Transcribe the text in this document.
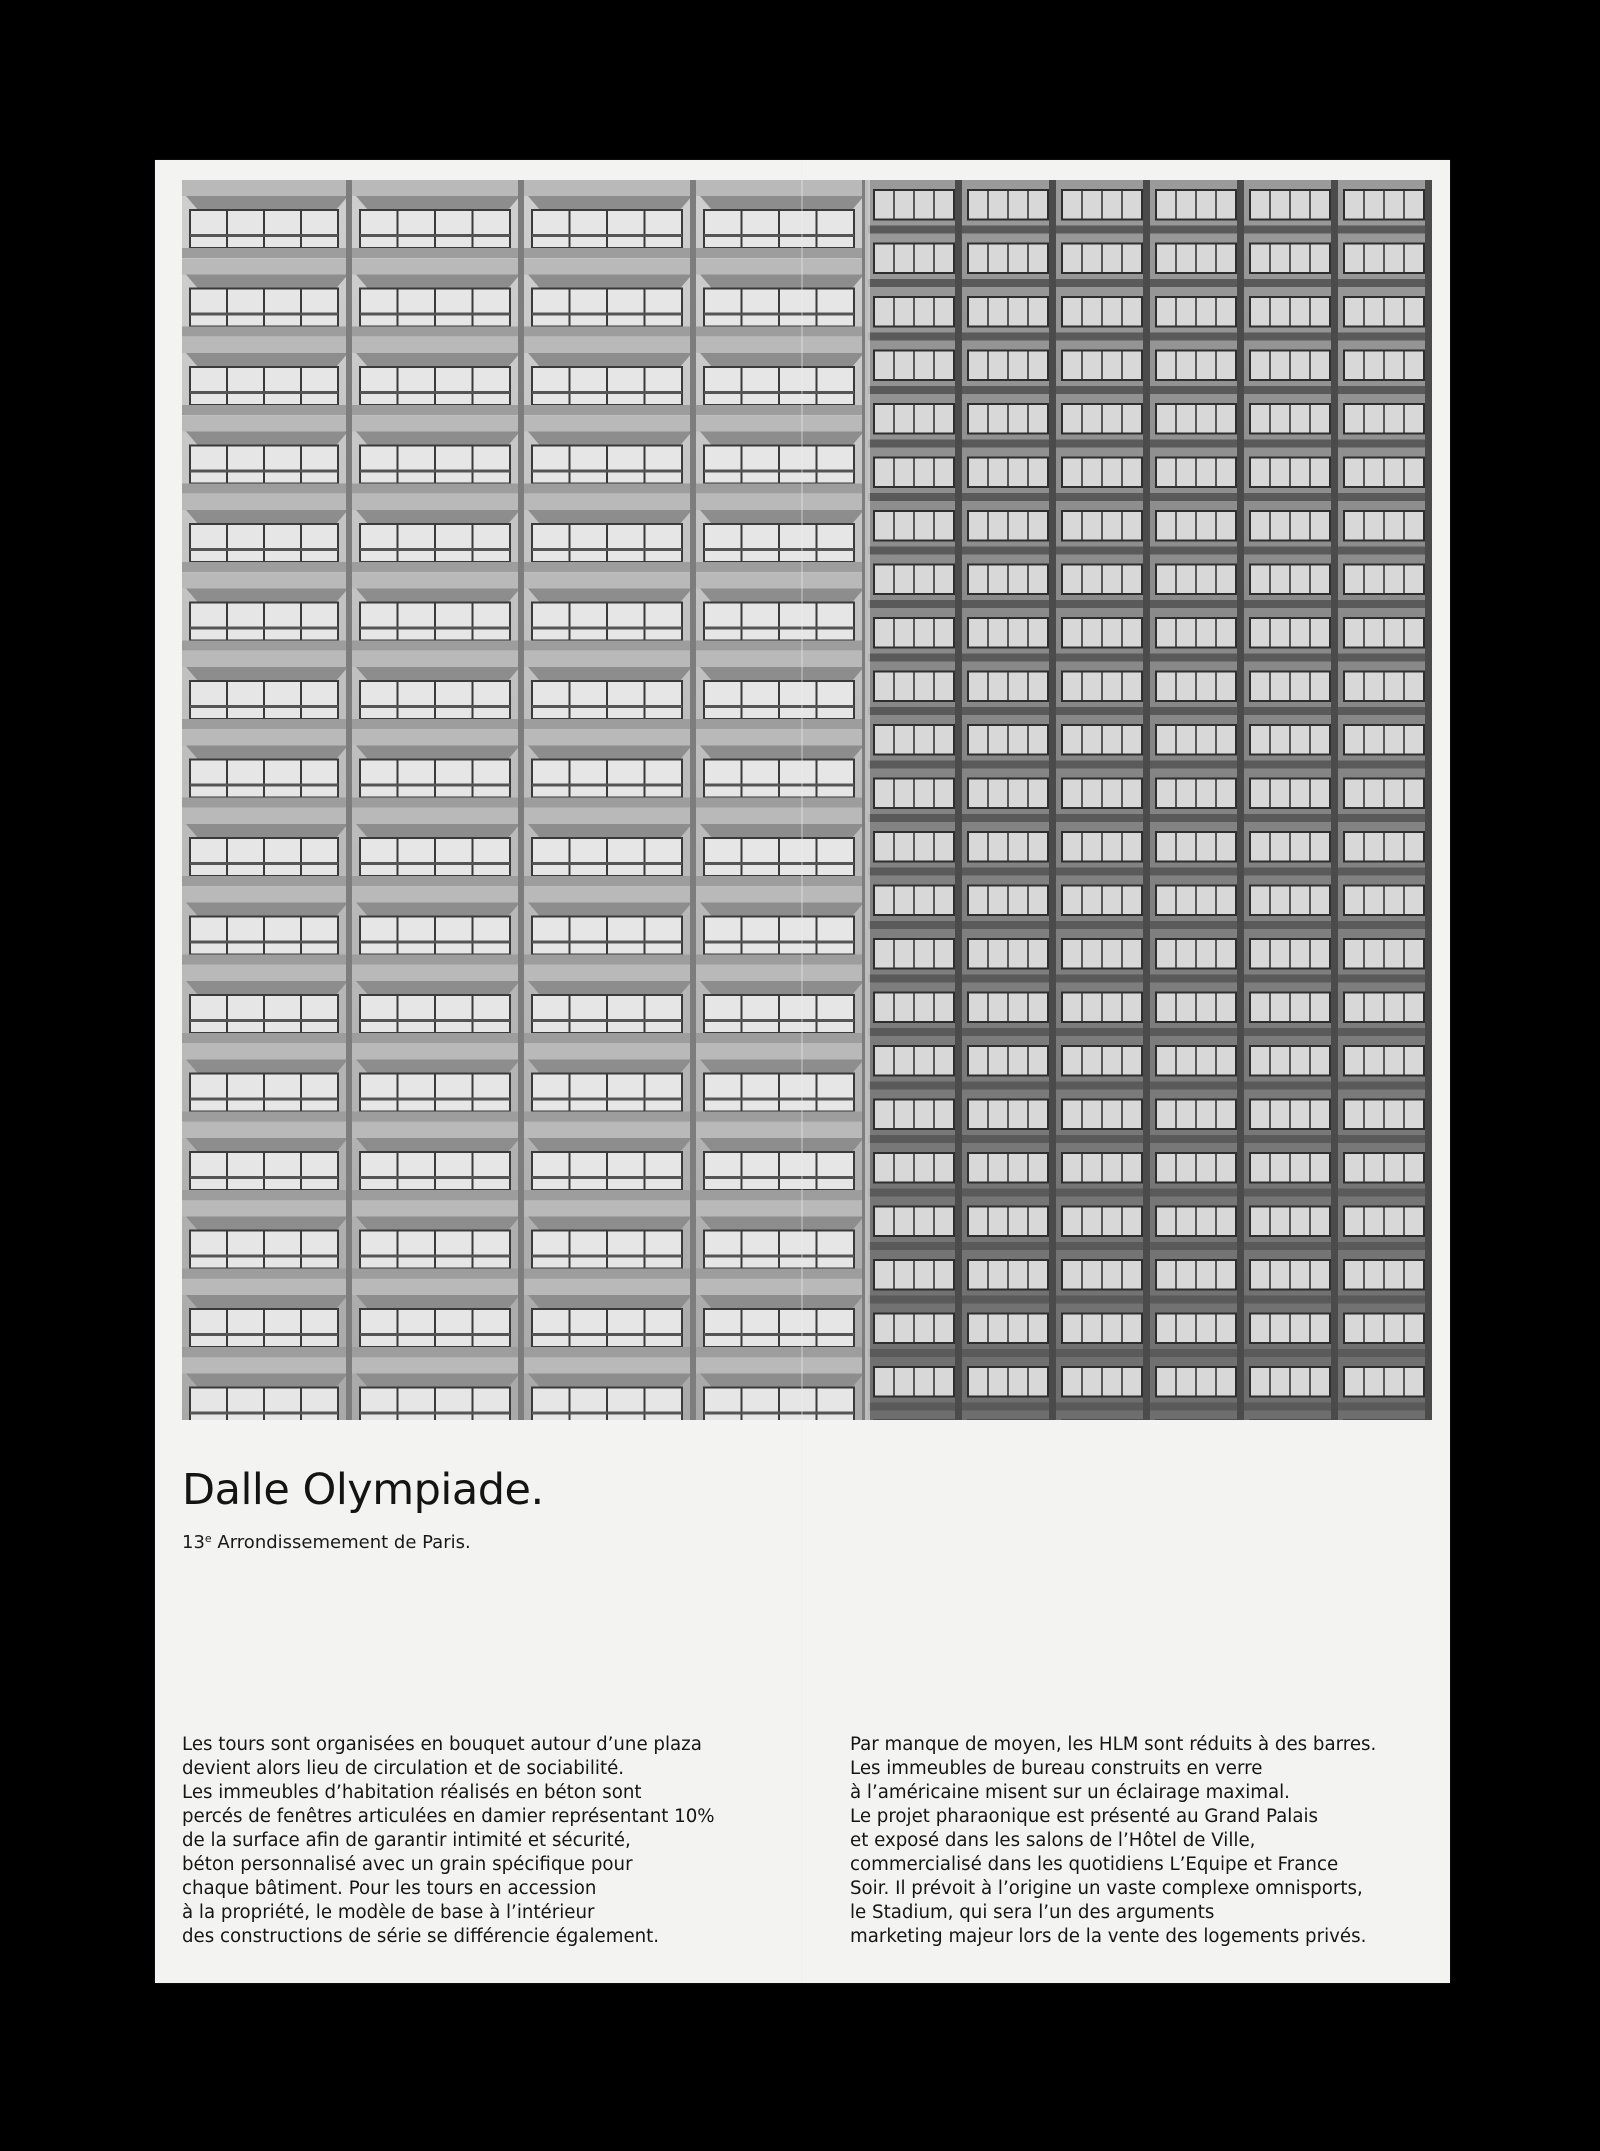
Dalle Olympiade.

13e Arrondissemement de Paris.

Les tours sont organisées en bouquet autour d’une plaza

devient alors lieu de circulation et de sociabilité.

Les immeubles d’habitation réalisés en béton sont

percés de fenêtres articulées en damier représentant 10%

de la surface afin de garantir intimité et sécurité,

béton personnalisé avec un grain spécifique pour

chaque bâtiment. Pour les tours en accession

à la propriété, le modèle de base à l’intérieur

des constructions de série se différencie également.

Par manque de moyen, les HLM sont réduits à des barres.

Les immeubles de bureau construits en verre

à l’américaine misent sur un éclairage maximal.

Le projet pharaonique est présenté au Grand Palais

et exposé dans les salons de l’Hôtel de Ville,

commercialisé dans les quotidiens L’Equipe et France

Soir. Il prévoit à l’origine un vaste complexe omnisports,

le Stadium, qui sera l’un des arguments

marketing majeur lors de la vente des logements privés.
